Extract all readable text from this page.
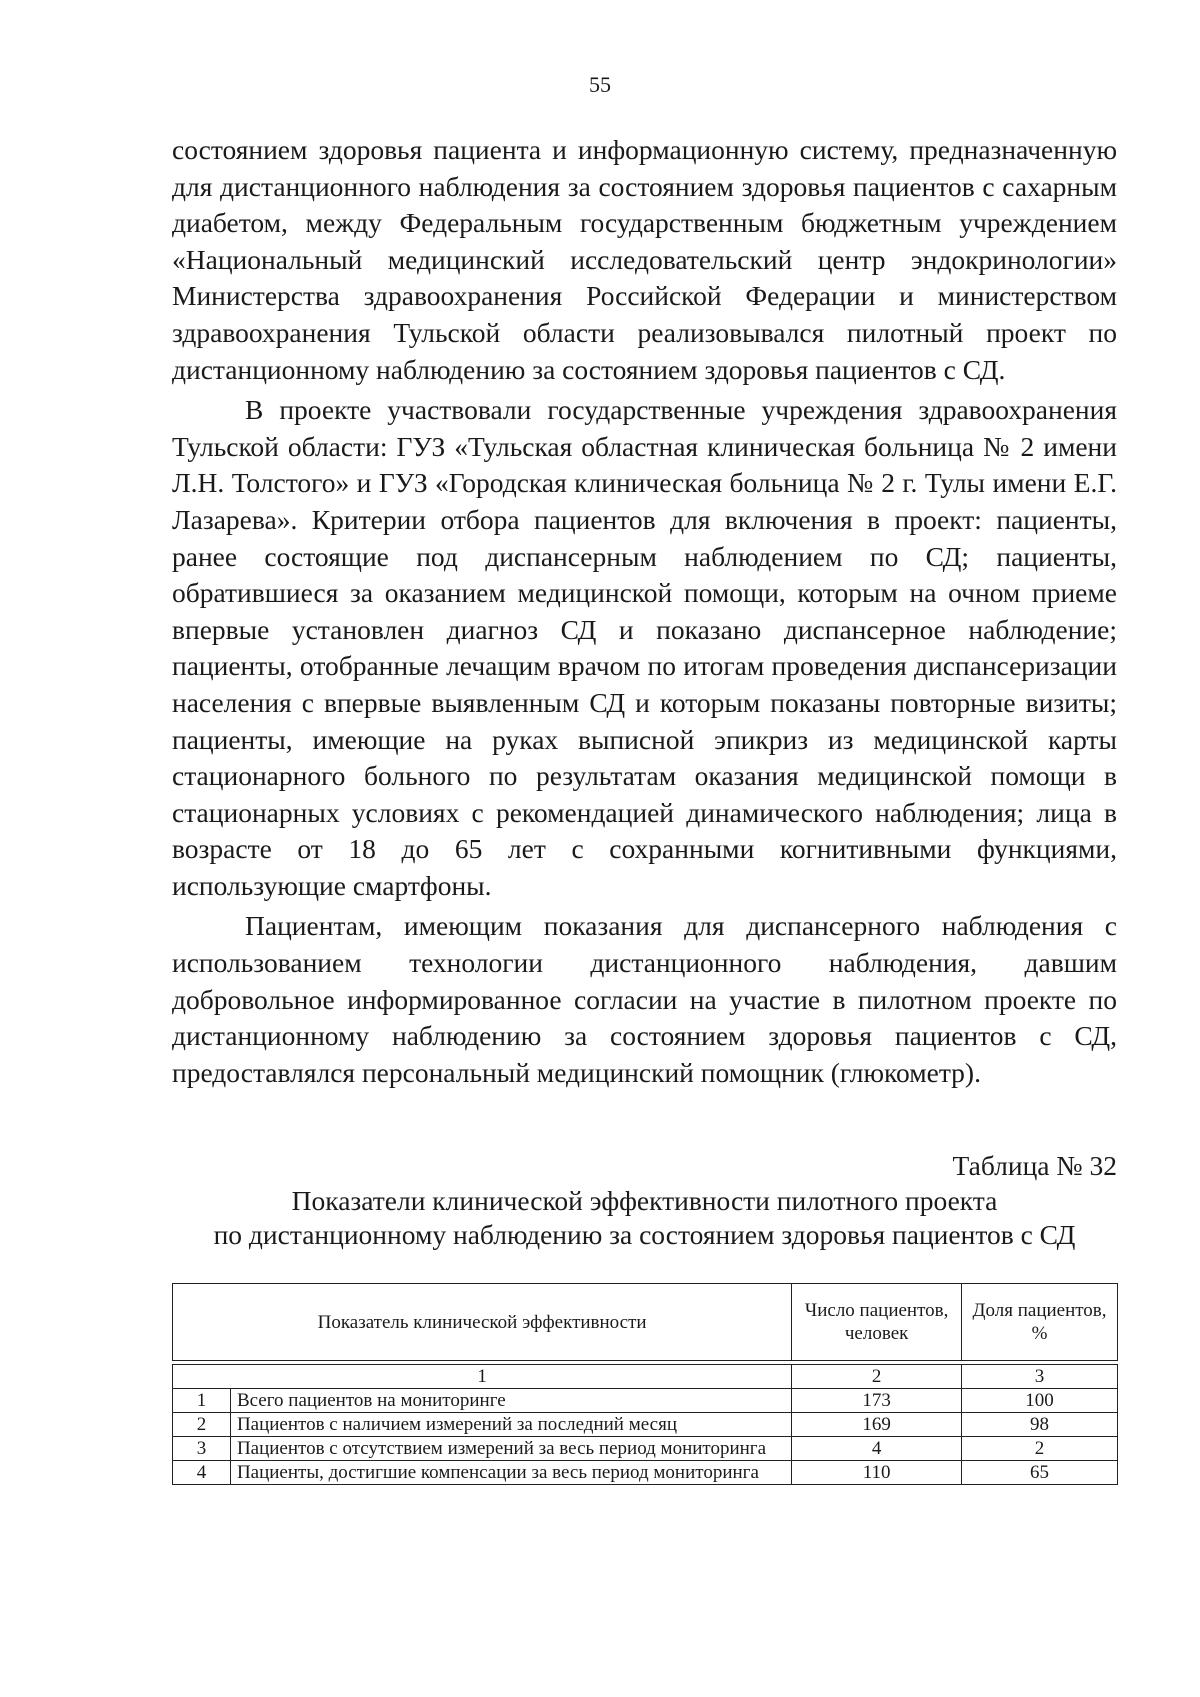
55

состоянием здоровья пациента и информационную систему, предназначенную для дистанционного наблюдения за состоянием здоровья пациентов с сахарным диабетом, между Федеральным государственным бюджетным учреждением «Национальный медицинский исследовательский центр эндокринологии» Министерства здравоохранения Российской Федерации и министерством здравоохранения Тульской области реализовывался пилотный проект по дистанционному наблюдению за состоянием здоровья пациентов с СД.

В проекте участвовали государственные учреждения здравоохранения Тульской области: ГУЗ «Тульская областная клиническая больница № 2 имени Л.Н. Толстого» и ГУЗ «Городская клиническая больница № 2 г. Тулы имени Е.Г. Лазарева». Критерии отбора пациентов для включения в проект: пациенты, ранее состоящие под диспансерным наблюдением по СД; пациенты, обратившиеся за оказанием медицинской помощи, которым на очном приеме впервые установлен диагноз СД и показано диспансерное наблюдение; пациенты, отобранные лечащим врачом по итогам проведения диспансеризации населения с впервые выявленным СД и которым показаны повторные визиты; пациенты, имеющие на руках выписной эпикриз из медицинской карты стационарного больного по результатам оказания медицинской помощи в стационарных условиях с рекомендацией динамического наблюдения; лица в возрасте от 18 до 65 лет с сохранными когнитивными функциями, использующие смартфоны.

Пациентам, имеющим показания для диспансерного наблюдения с использованием технологии дистанционного наблюдения, давшим добровольное информированное согласии на участие в пилотном проекте по дистанционному наблюдению за состоянием здоровья пациентов с СД, предоставлялся персональный медицинский помощник (глюкометр).

Таблица № 32
Показатели клинической эффективности пилотного проекта
по дистанционному наблюдению за состоянием здоровья пациентов с СД
Показатель клинической эффективности		Число пациентов, человек	Доля пациентов, %

1		2	3
1	Всего пациентов на мониторинге	173	100
2	Пациентов с наличием измерений за последний месяц	169	98
3	Пациентов с отсутствием измерений за весь период мониторинга	4	2
4	Пациенты, достигшие компенсации за весь период мониторинга	110	65
